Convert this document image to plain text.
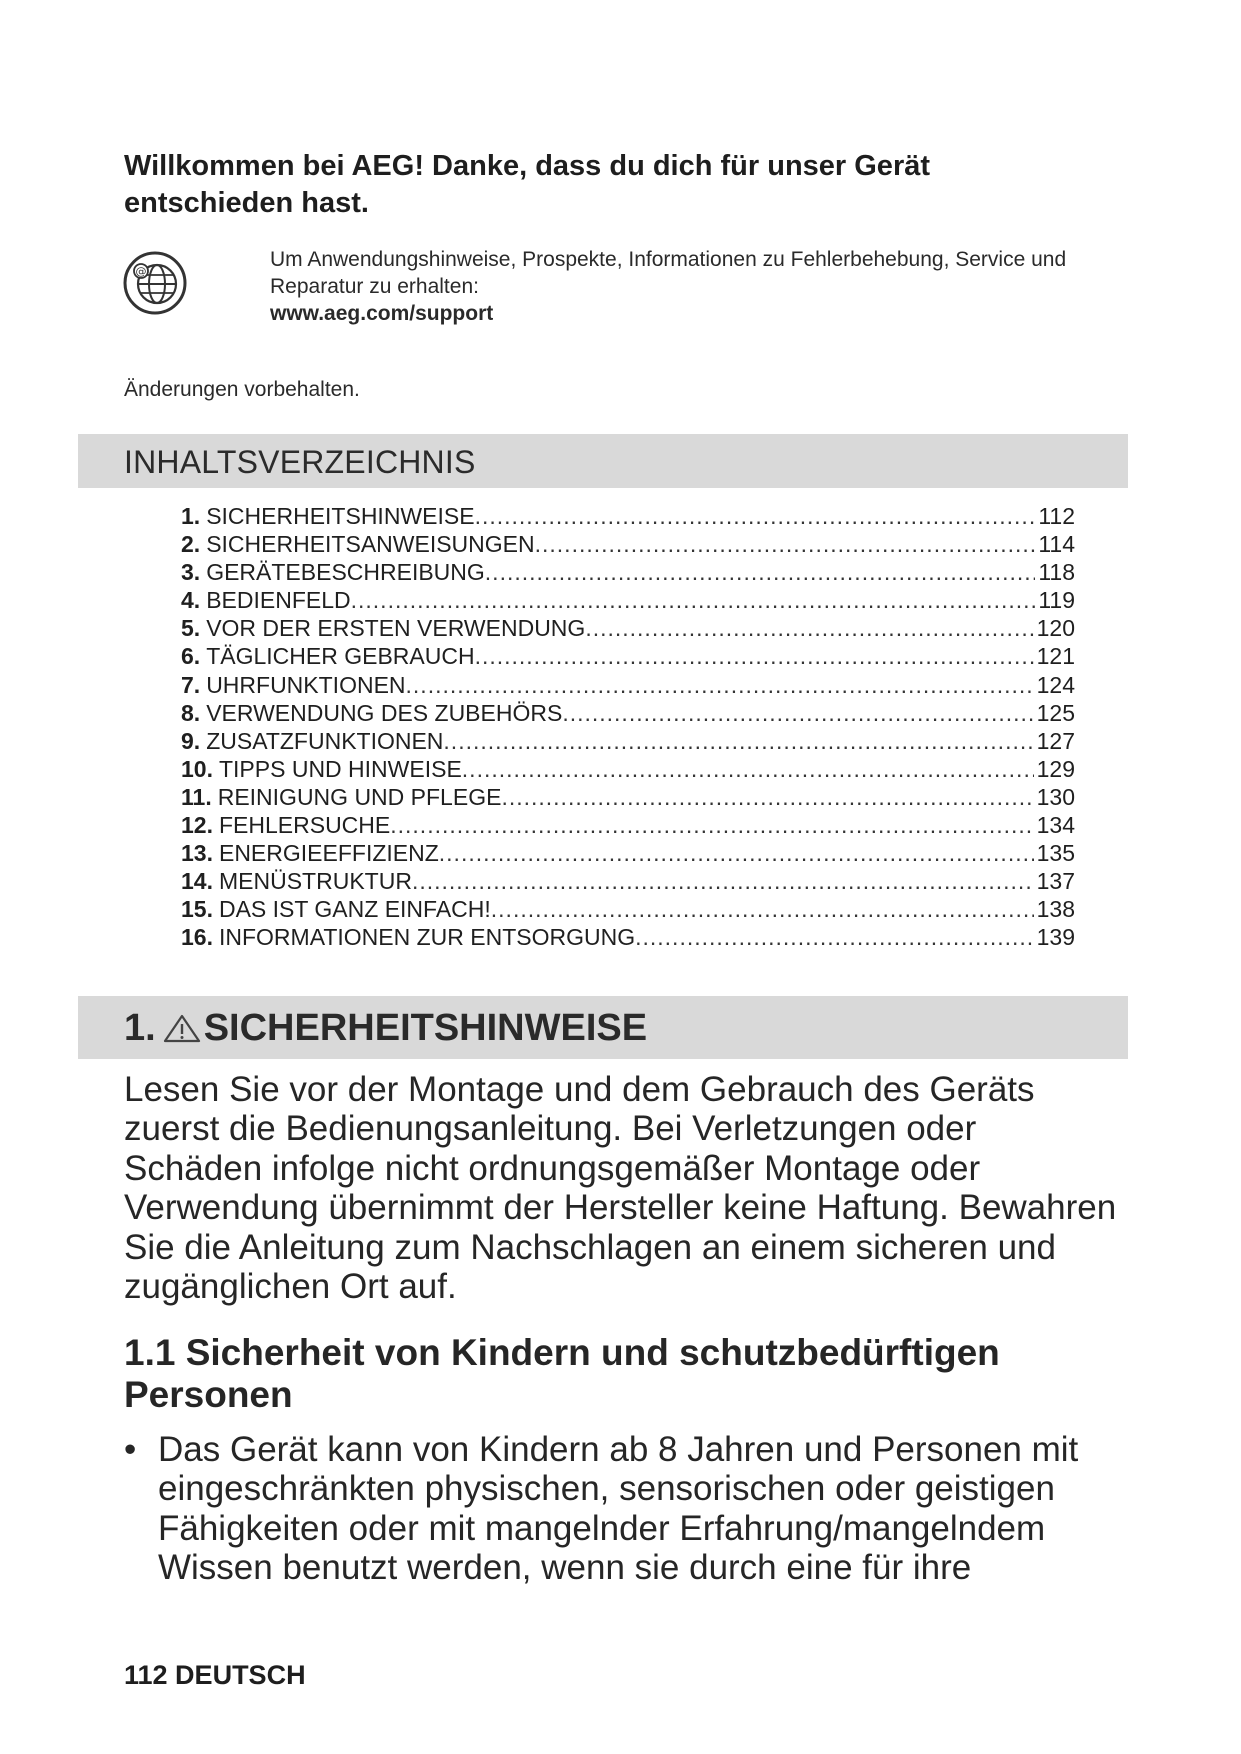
Willkommen bei AEG! Danke, dass du dich für unser Gerät entschieden hast.
@
Um Anwendungshinweise, Prospekte, Informationen zu Fehlerbehebung, Service und Reparatur zu erhalten:
www.aeg.com/support
Änderungen vorbehalten.
INHALTSVERZEICHNIS
1. SICHERHEITSHINWEISE .....	112
2. SICHERHEITSANWEISUNGEN .....	114
3. GERÄTEBESCHREIBUNG .....	118
4. BEDIENFELD .....	119
5. VOR DER ERSTEN VERWENDUNG .....	120
6. TÄGLICHER GEBRAUCH .....	121
7. UHRFUNKTIONEN .....	124
8. VERWENDUNG DES ZUBEHÖRS .....	125
9. ZUSATZFUNKTIONEN .....	127
10. TIPPS UND HINWEISE .....	129
11. REINIGUNG UND PFLEGE .....	130
12. FEHLERSUCHE .....	134
13. ENERGIEEFFIZIENZ .....	135
14. MENÜSTRUKTUR .....	137
15. DAS IST GANZ EINFACH! .....	138
16. INFORMATIONEN ZUR ENTSORGUNG .....	139
1. SICHERHEITSHINWEISE
Lesen Sie vor der Montage und dem Gebrauch des Geräts zuerst die Bedienungsanleitung. Bei Verletzungen oder Schäden infolge nicht ordnungsgemäßer Montage oder Verwendung übernimmt der Hersteller keine Haftung. Bewahren Sie die Anleitung zum Nachschlagen an einem sicheren und zugänglichen Ort auf.
1.1 Sicherheit von Kindern und schutzbedürftigen Personen
• Das Gerät kann von Kindern ab 8 Jahren und Personen mit eingeschränkten physischen, sensorischen oder geistigen Fähigkeiten oder mit mangelnder Erfahrung/mangelndem Wissen benutzt werden, wenn sie durch eine für ihre
112 DEUTSCH
